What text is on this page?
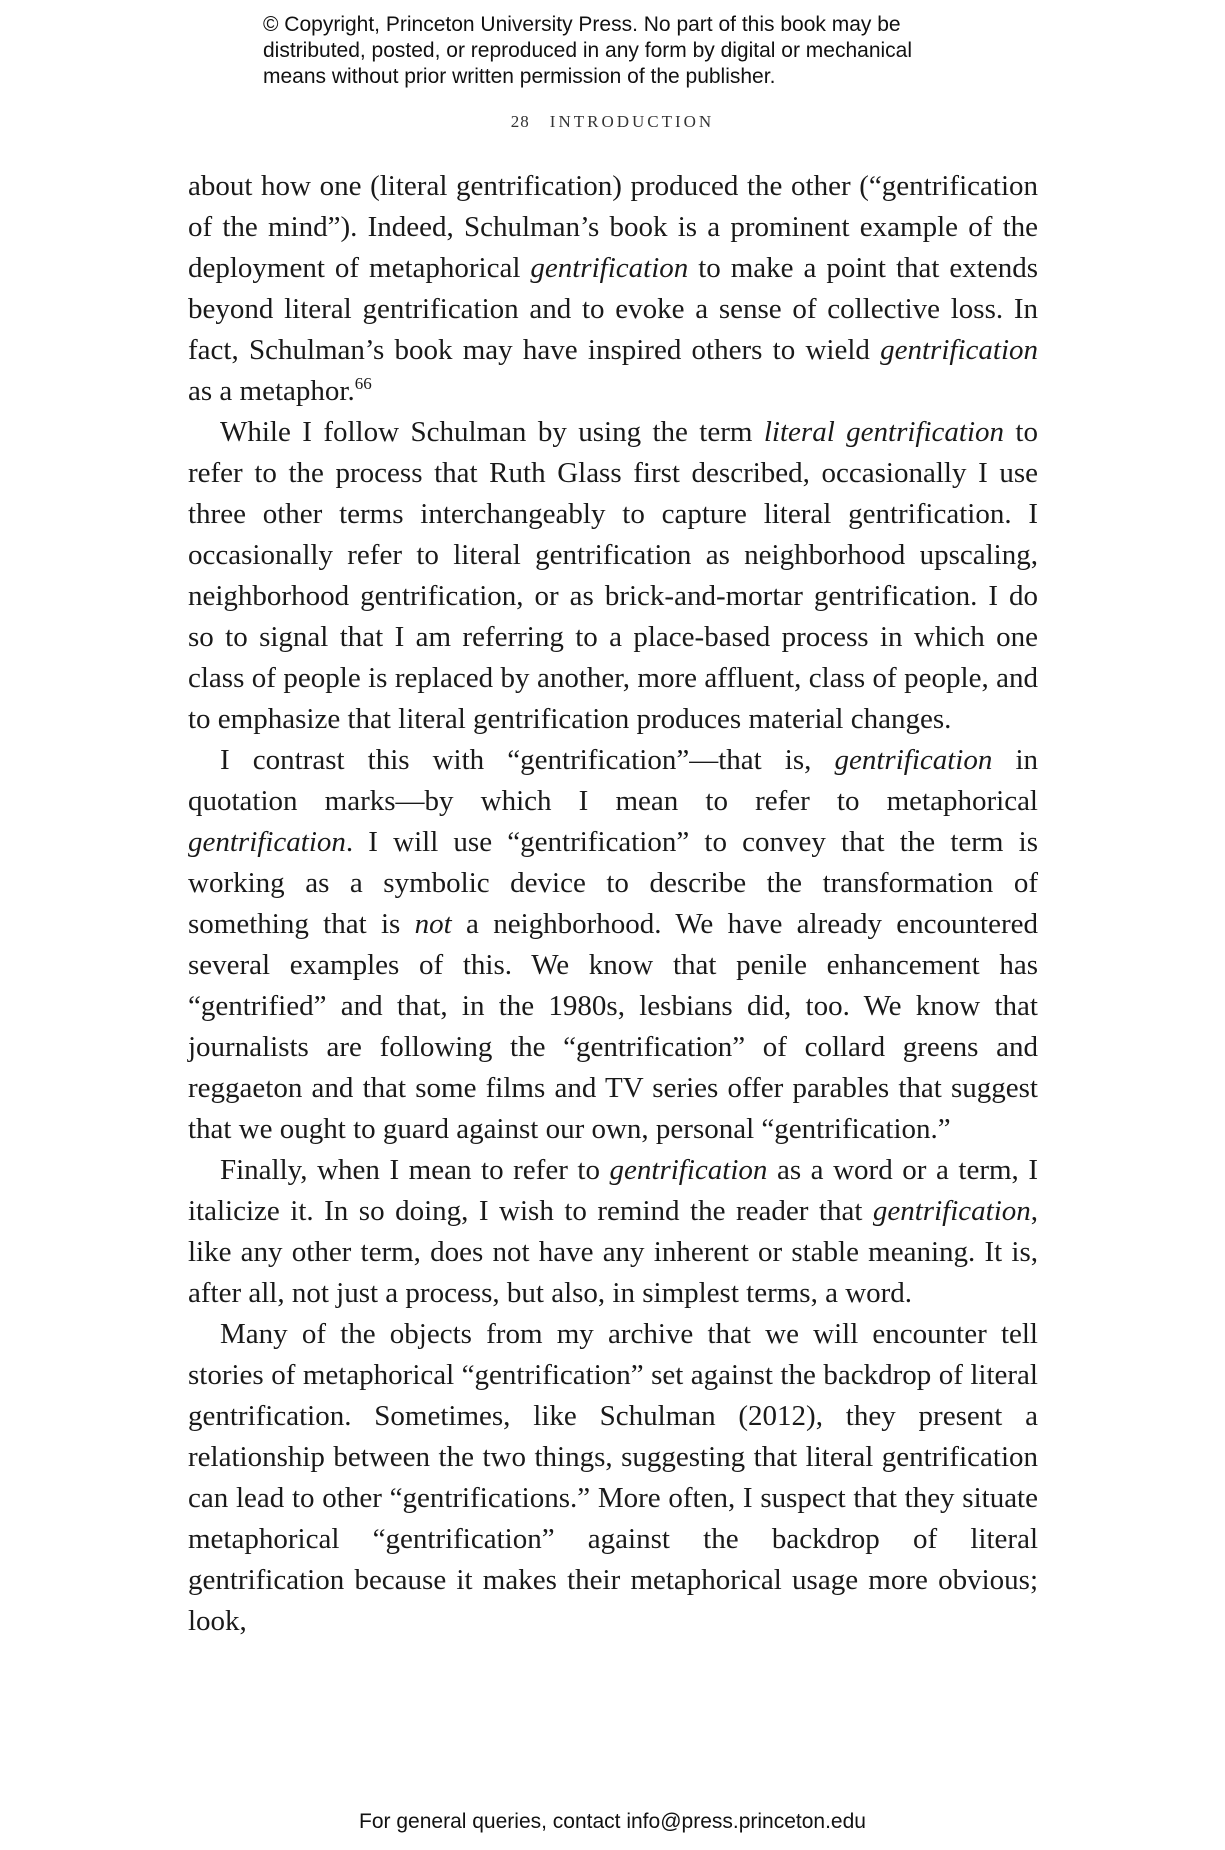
© Copyright, Princeton University Press. No part of this book may be
distributed, posted, or reproduced in any form by digital or mechanical
means without prior written permission of the publisher.
28 INTRODUCTION

about how one (literal gentrification) produced the other (“gentrification of the mind”). Indeed, Schulman’s book is a prominent example of the deployment of metaphorical gentrification to make a point that extends beyond literal gentrification and to evoke a sense of collective loss. In fact, Schulman’s book may have inspired others to wield gentrification as a metaphor.$^{66}$

While I follow Schulman by using the term literal gentrification to refer to the process that Ruth Glass first described, occasionally I use three other terms interchangeably to capture literal gentrification. I occasionally refer to literal gentrification as neighborhood upscaling, neighborhood gentrification, or as brick-and-mortar gentrification. I do so to signal that I am referring to a place-based process in which one class of people is replaced by another, more affluent, class of people, and to emphasize that literal gentrification produces material changes.

I contrast this with “gentrification”—that is, gentrification in quotation marks—by which I mean to refer to metaphorical gentrification. I will use “gentrification” to convey that the term is working as a symbolic device to describe the transformation of something that is not a neighborhood. We have already encountered several examples of this. We know that penile enhancement has “gentrified” and that, in the 1980s, lesbians did, too. We know that journalists are following the “gentrification” of collard greens and reggaeton and that some films and TV series offer parables that suggest that we ought to guard against our own, personal “gentrification.”

Finally, when I mean to refer to gentrification as a word or a term, I italicize it. In so doing, I wish to remind the reader that gentrification, like any other term, does not have any inherent or stable meaning. It is, after all, not just a process, but also, in simplest terms, a word.

Many of the objects from my archive that we will encounter tell stories of metaphorical “gentrification” set against the backdrop of literal gentrification. Sometimes, like Schulman (2012), they present a relationship between the two things, suggesting that literal gentrification can lead to other “gentrifications.” More often, I suspect that they situate metaphorical “gentrification” against the backdrop of literal gentrification because it makes their metaphorical usage more obvious; look,

For general queries, contact info@press.princeton.edu
